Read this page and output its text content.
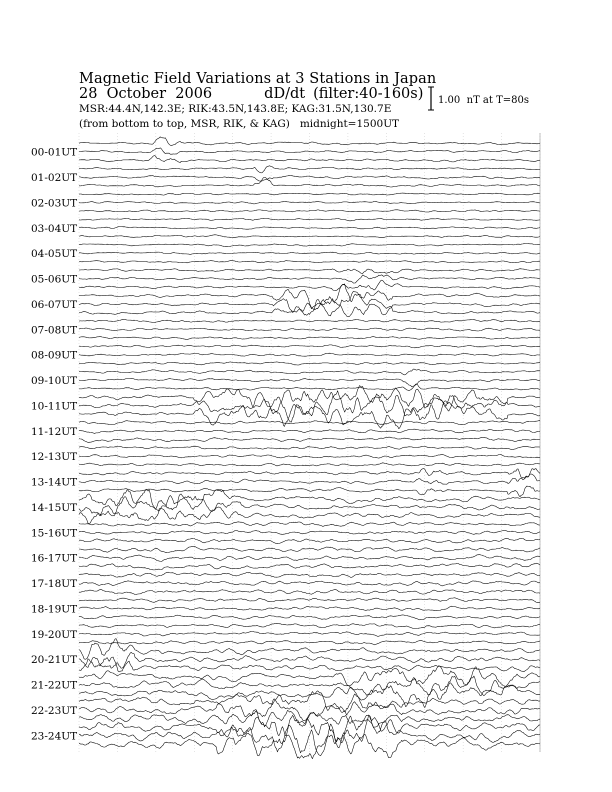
Magnetic Field Variations at 3 Stations in Japan
28  October  2006	dD/dt (filter:40-160s)
MSR:44.4N,142.3E; RIK:43.5N,143.8E; KAG:31.5N,130.7E
(from bottom to top, MSR, RIK, & KAG) midnight=1500UT
1.00  nT at T=80s
00-01UT
01-02UT
02-03UT
03-04UT
04-05UT
05-06UT
06-07UT
07-08UT
08-09UT
09-10UT
10-11UT
11-12UT
12-13UT
13-14UT
14-15UT
15-16UT
16-17UT
17-18UT
18-19UT
19-20UT
20-21UT
21-22UT
22-23UT
23-24UT
